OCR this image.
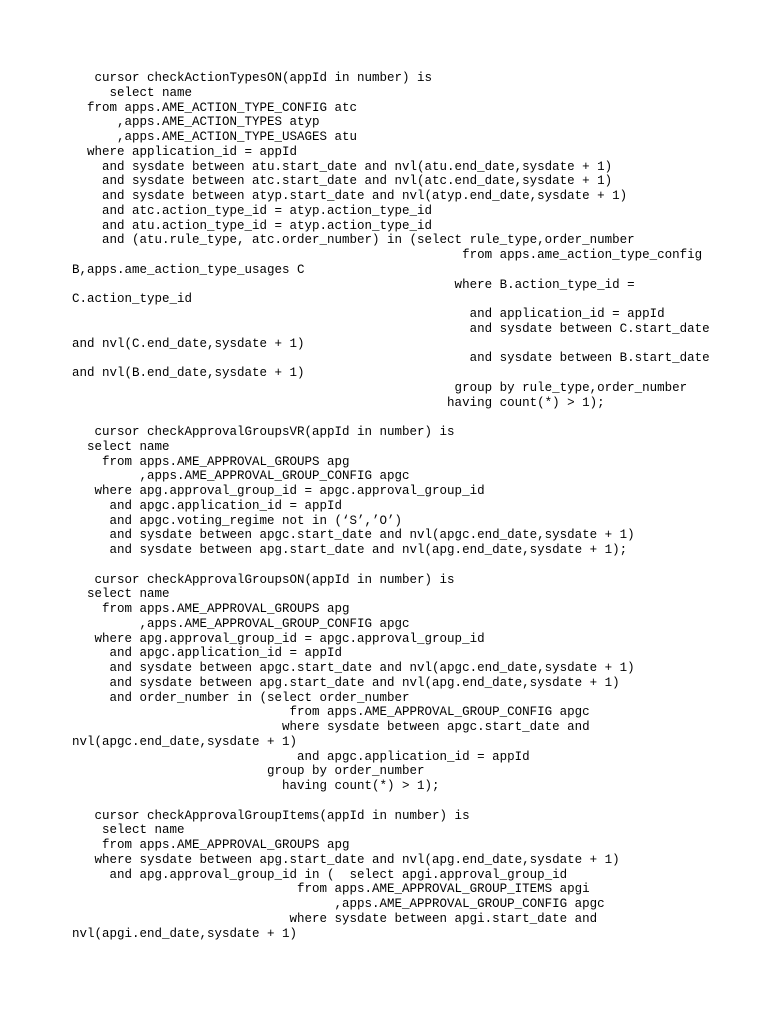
cursor checkActionTypesON(appId in number) is
select name
from apps.AME_ACTION_TYPE_CONFIG atc
,apps.AME_ACTION_TYPES atyp
,apps.AME_ACTION_TYPE_USAGES atu
where application_id = appId
and sysdate between atu.start_date and nvl(atu.end_date,sysdate + 1)
and sysdate between atc.start_date and nvl(atc.end_date,sysdate + 1)
and sysdate between atyp.start_date and nvl(atyp.end_date,sysdate + 1)
and atc.action_type_id = atyp.action_type_id
and atu.action_type_id = atyp.action_type_id
and (atu.rule_type, atc.order_number) in (select rule_type,order_number
from apps.ame_action_type_config
B,apps.ame_action_type_usages C
where B.action_type_id =
C.action_type_id
and application_id = appId
and sysdate between C.start_date
and nvl(C.end_date,sysdate + 1)
and sysdate between B.start_date
and nvl(B.end_date,sysdate + 1)
group by rule_type,order_number
having count(*) > 1);
cursor checkApprovalGroupsVR(appId in number) is
select name
from apps.AME_APPROVAL_GROUPS apg
,apps.AME_APPROVAL_GROUP_CONFIG apgc
where apg.approval_group_id = apgc.approval_group_id
and apgc.application_id = appId
and apgc.voting_regime not in (‘S’,’O’)
and sysdate between apgc.start_date and nvl(apgc.end_date,sysdate + 1)
and sysdate between apg.start_date and nvl(apg.end_date,sysdate + 1);
cursor checkApprovalGroupsON(appId in number) is
select name
from apps.AME_APPROVAL_GROUPS apg
,apps.AME_APPROVAL_GROUP_CONFIG apgc
where apg.approval_group_id = apgc.approval_group_id
and apgc.application_id = appId
and sysdate between apgc.start_date and nvl(apgc.end_date,sysdate + 1)
and sysdate between apg.start_date and nvl(apg.end_date,sysdate + 1)
and order_number in (select order_number
from apps.AME_APPROVAL_GROUP_CONFIG apgc
where sysdate between apgc.start_date and
nvl(apgc.end_date,sysdate + 1)
and apgc.application_id = appId
group by order_number
having count(*) > 1);
cursor checkApprovalGroupItems(appId in number) is
select name
from apps.AME_APPROVAL_GROUPS apg
where sysdate between apg.start_date and nvl(apg.end_date,sysdate + 1)
and apg.approval_group_id in (  select apgi.approval_group_id
from apps.AME_APPROVAL_GROUP_ITEMS apgi
,apps.AME_APPROVAL_GROUP_CONFIG apgc
where sysdate between apgi.start_date and
nvl(apgi.end_date,sysdate + 1)
